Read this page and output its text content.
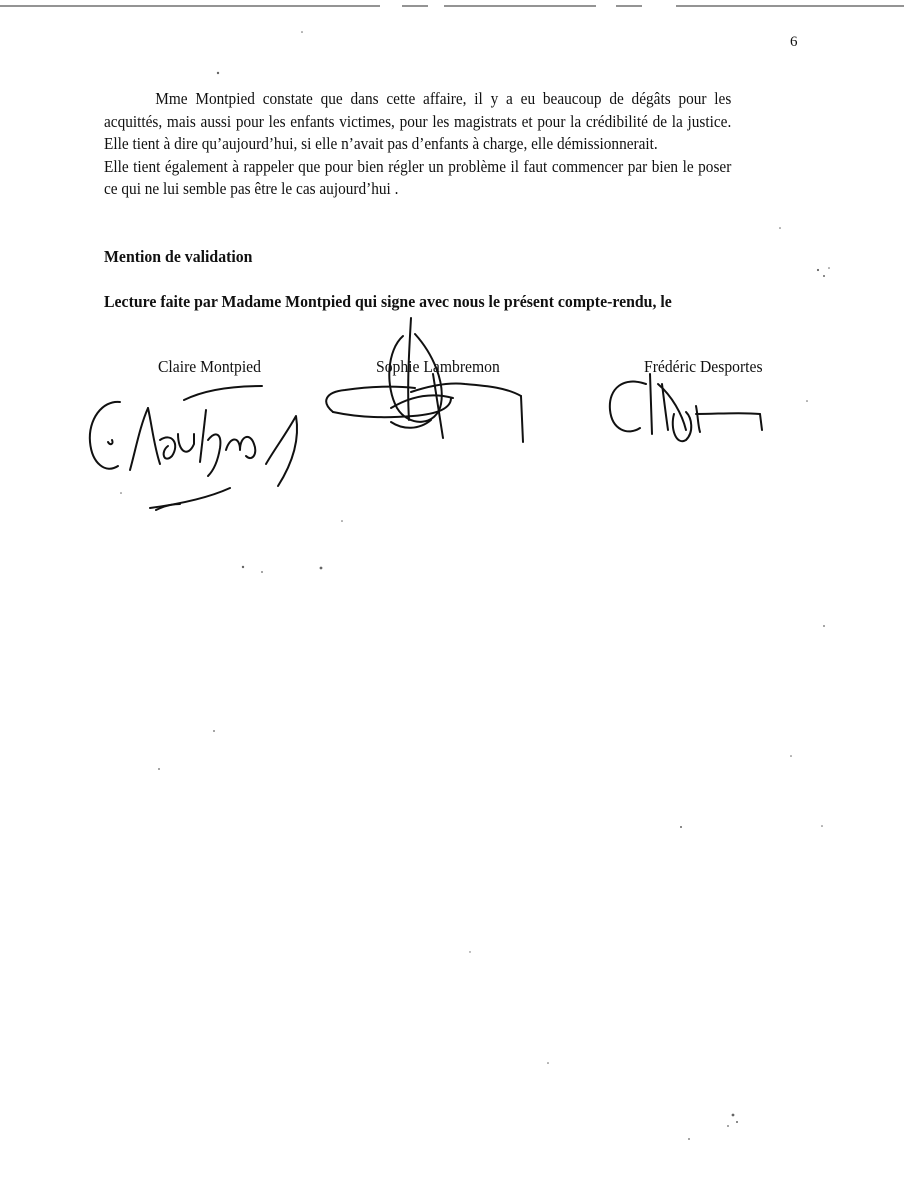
6

Mme Montpied constate que dans cette affaire, il y a eu beaucoup de dégâts pour les acquittés, mais aussi pour les enfants victimes, pour les magistrats et pour la crédibilité de la justice. Elle tient à dire qu’aujourd’hui, si elle n’avait pas d’enfants à charge, elle démissionnerait.

Elle tient également à rappeler que pour bien régler un problème il faut commencer par bien le poser ce qui ne lui semble pas être le cas aujourd’hui .

Mention de validation
Lecture faite par Madame Montpied qui signe avec nous le présent compte-rendu, le
Claire Montpied	Sophie Lambremon	Frédéric Desportes
